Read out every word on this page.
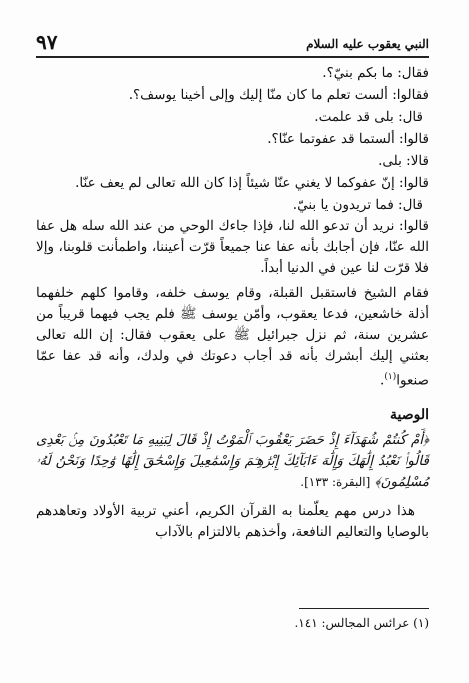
٩٧	النبي يعقوب عليه السلام
فقال: ما بكم بنيّ؟.
فقالوا: ألست تعلم ما كان منّا إليك وإلى أخينا يوسف؟.
قال: بلى قد علمت.
قالوا: ألستما قد عفوتما عنّا؟.
قالا: بلى.
قالوا: إنّ عفوكما لا يغني عنّا شيئاً إذا كان الله تعالى لم يعف عنّا.
قال: فما تريدون يا بنيّ.

قالوا: نريد أن تدعو الله لنا، فإذا جاءك الوحي من عند الله سله هل عفا الله عنّا، فإن أجابك بأنه عفا عنا جميعاً قرّت أعيننا، واطمأنت قلوبنا، وإلا فلا قرّت لنا عين في الدنيا أبداً.

فقام الشيخ فاستقبل القبلة، وقام يوسف خلفه، وقاموا كلهم خلفهما أذلة خاشعين، فدعا يعقوب، وأمّن يوسف ﷺ فلم يجب فيهما قريباً من عشرين سنة، ثم نزل جبرائيل ﷺ على يعقوب فقال: إن الله تعالى بعثني إليك أبشرك بأنه قد أجاب دعوتك في ولدك، وأنه قد عفا عمّا صنعوا$^{(١)}$.

الوصية
﴿أَمْ كُنتُمْ شُهَدَآءَ إِذْ حَضَرَ يَعْقُوبَ ٱلْمَوْتُ إِذْ قَالَ لِبَنِيهِ مَا تَعْبُدُونَ مِنۢ بَعْدِى قَالُوا۟ نَعْبُدُ إِلَٰهَكَ وَإِلَٰهَ ءَابَآئِكَ إِبْرَٰهِـۧمَ وَإِسْمَٰعِيلَ وَإِسْحَٰقَ إِلَٰهًا وَٰحِدًا وَنَحْنُ لَهُۥ مُسْلِمُونَ﴾ [البقرة: ١٣٣].
هذا درس مهم يعلّمنا به القرآن الكريم، أعني تربية الأولاد وتعاهدهم بالوصايا والتعاليم النافعة، وأخذهم بالالتزام بالآداب
(١) عرائس المجالس: ١٤١.
